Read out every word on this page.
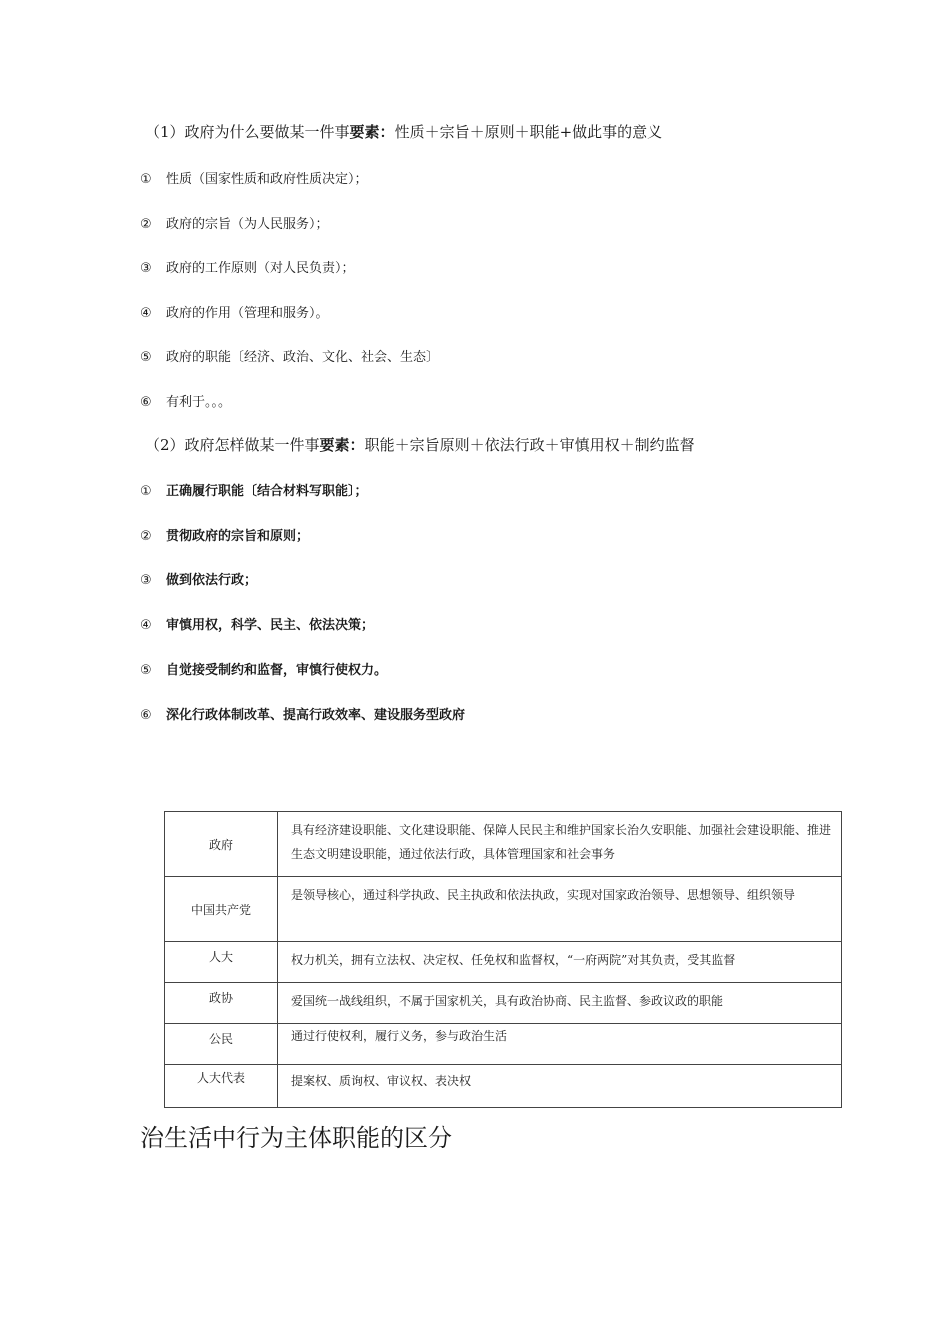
（1）政府为什么要做某一件事要素：性质＋宗旨＋原则＋职能+做此事的意义
① 性质（国家性质和政府性质决定）；
② 政府的宗旨（为人民服务）；
③ 政府的工作原则（对人民负责）；
④ 政府的作用（管理和服务）。
⑤ 政府的职能〔经济、政治、文化、社会、生态〕
⑥ 有利于。。。
（2）政府怎样做某一件事要素：职能＋宗旨原则＋依法行政＋审慎用权＋制约监督
① 正确履行职能〔结合材料写职能〕；
② 贯彻政府的宗旨和原则；
③ 做到依法行政；
④ 审慎用权，科学、民主、依法决策；
⑤ 自觉接受制约和监督，审慎行使权力。
⑥ 深化行政体制改革、提高行政效率、建设服务型政府
政府	具有经济建设职能、文化建设职能、保障人民民主和维护国家长治久安职能、加强社会建设职能、推进生态文明建设职能，通过依法行政，具体管理国家和社会事务
中国共产党	是领导核心，通过科学执政、民主执政和依法执政，实现对国家政治领导、思想领导、组织领导
人大	权力机关，拥有立法权、决定权、任免权和监督权，“一府两院”对其负责，受其监督
政协	爱国统一战线组织，不属于国家机关，具有政治协商、民主监督、参政议政的职能
公民	通过行使权利，履行义务，参与政治生活
人大代表	提案权、质询权、审议权、表决权
治生活中行为主体职能的区分
